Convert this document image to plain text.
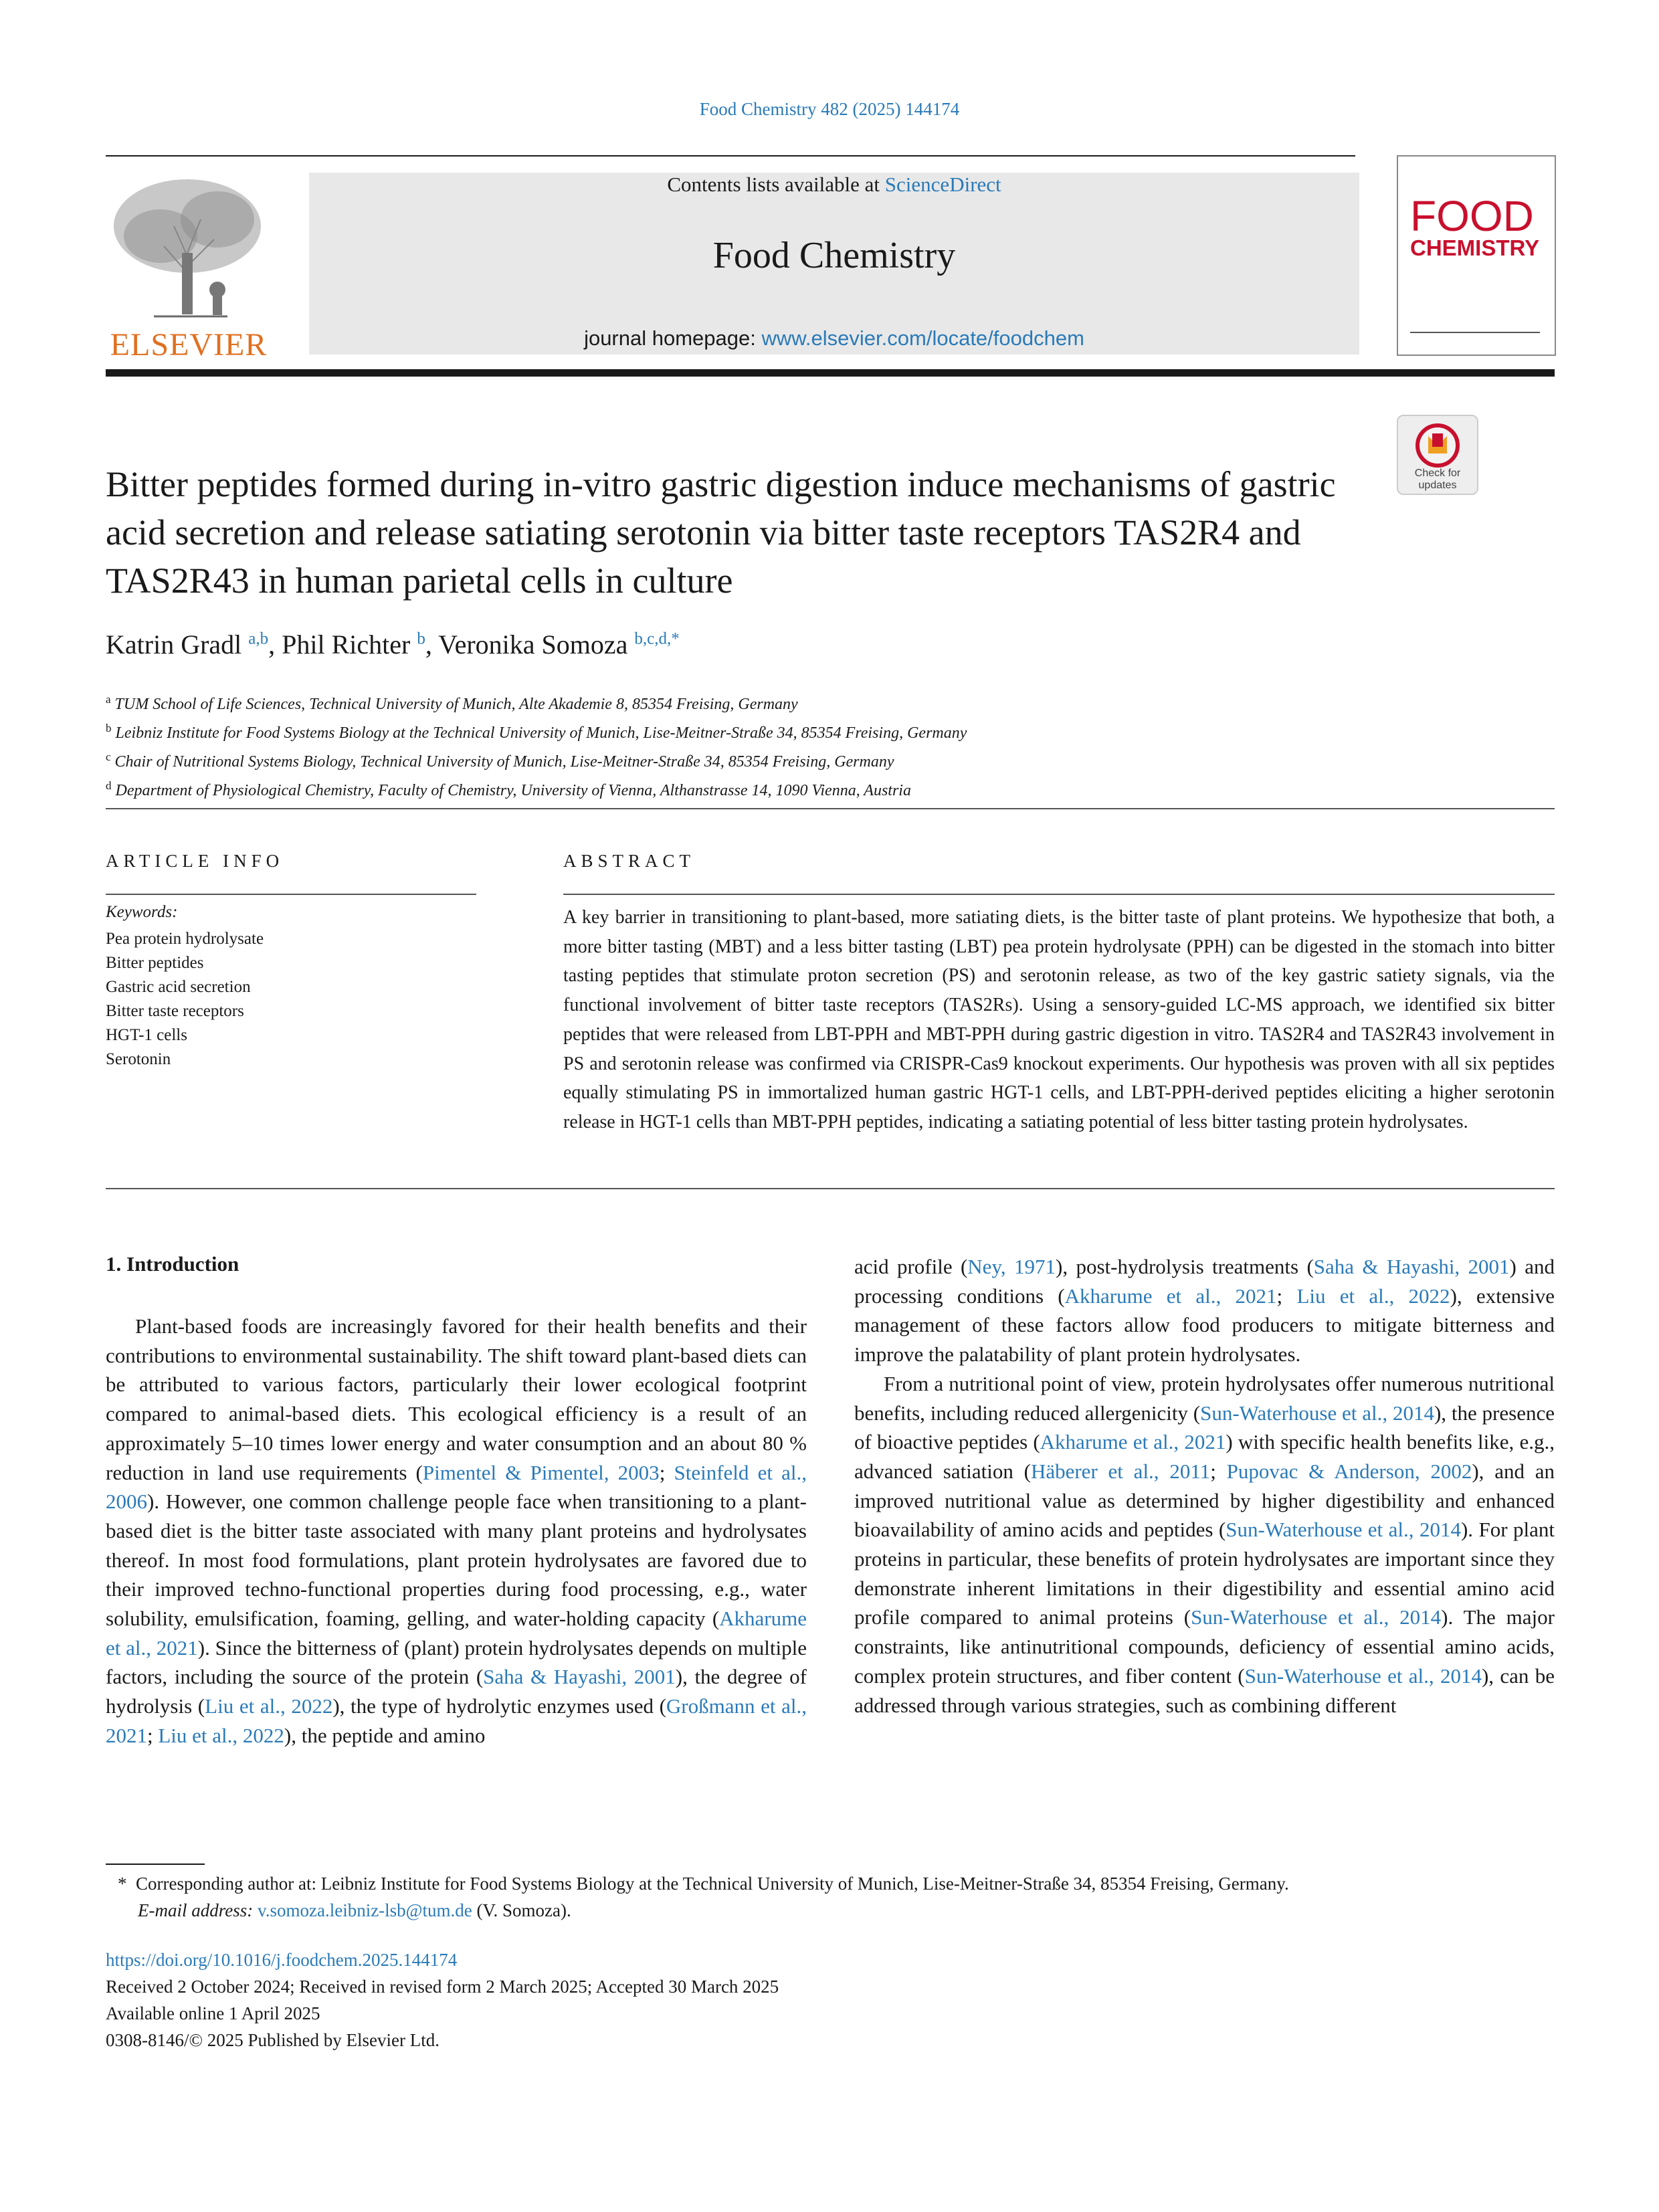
Food Chemistry 482 (2025) 144174
ELSEVIER
Contents lists available at ScienceDirect
Food Chemistry
journal homepage: www.elsevier.com/locate/foodchem
FOOD
CHEMISTRY
Check for
updates
Bitter peptides formed during in-vitro gastric digestion induce mechanisms of gastric acid secretion and release satiating serotonin via bitter taste receptors TAS2R4 and TAS2R43 in human parietal cells in culture
Katrin Gradl $^{a,b}$, Phil Richter $^b$, Veronika Somoza $^{b,c,d,*}$
$^a$ TUM School of Life Sciences, Technical University of Munich, Alte Akademie 8, 85354 Freising, Germany
$^b$ Leibniz Institute for Food Systems Biology at the Technical University of Munich, Lise-Meitner-Straße 34, 85354 Freising, Germany
$^c$ Chair of Nutritional Systems Biology, Technical University of Munich, Lise-Meitner-Straße 34, 85354 Freising, Germany
$^d$ Department of Physiological Chemistry, Faculty of Chemistry, University of Vienna, Althanstrasse 14, 1090 Vienna, Austria
ARTICLE INFO
Keywords:
Pea protein hydrolysate
Bitter peptides
Gastric acid secretion
Bitter taste receptors
HGT-1 cells
Serotonin
ABSTRACT
A key barrier in transitioning to plant-based, more satiating diets, is the bitter taste of plant proteins. We hypothesize that both, a more bitter tasting (MBT) and a less bitter tasting (LBT) pea protein hydrolysate (PPH) can be digested in the stomach into bitter tasting peptides that stimulate proton secretion (PS) and serotonin release, as two of the key gastric satiety signals, via the functional involvement of bitter taste receptors (TAS2Rs). Using a sensory-guided LC-MS approach, we identified six bitter peptides that were released from LBT-PPH and MBT-PPH during gastric digestion in vitro. TAS2R4 and TAS2R43 involvement in PS and serotonin release was confirmed via CRISPR-Cas9 knockout experiments. Our hypothesis was proven with all six peptides equally stimulating PS in immortalized human gastric HGT-1 cells, and LBT-PPH-derived peptides eliciting a higher serotonin release in HGT-1 cells than MBT-PPH peptides, indicating a satiating potential of less bitter tasting protein hydrolysates.
1. Introduction

Plant-based foods are increasingly favored for their health benefits and their contributions to environmental sustainability. The shift toward plant-based diets can be attributed to various factors, particularly their lower ecological footprint compared to animal-based diets. This ecological efficiency is a result of an approximately 5–10 times lower energy and water consumption and an about 80 % reduction in land use requirements (Pimentel & Pimentel, 2003; Steinfeld et al., 2006). However, one common challenge people face when transitioning to a plant-based diet is the bitter taste associated with many plant proteins and hydrolysates thereof. In most food formulations, plant protein hydrolysates are favored due to their improved techno-functional properties during food processing, e.g., water solubility, emulsification, foaming, gelling, and water-holding capacity (Akharume et al., 2021). Since the bitterness of (plant) protein hydrolysates depends on multiple factors, including the source of the protein (Saha & Hayashi, 2001), the degree of hydrolysis (Liu et al., 2022), the type of hydrolytic enzymes used (Großmann et al., 2021; Liu et al., 2022), the peptide and amino

acid profile (Ney, 1971), post-hydrolysis treatments (Saha & Hayashi, 2001) and processing conditions (Akharume et al., 2021; Liu et al., 2022), extensive management of these factors allow food producers to mitigate bitterness and improve the palatability of plant protein hydrolysates.

From a nutritional point of view, protein hydrolysates offer numerous nutritional benefits, including reduced allergenicity (Sun-Waterhouse et al., 2014), the presence of bioactive peptides (Akharume et al., 2021) with specific health benefits like, e.g., advanced satiation (Häberer et al., 2011; Pupovac & Anderson, 2002), and an improved nutritional value as determined by higher digestibility and enhanced bioavailability of amino acids and peptides (Sun-Waterhouse et al., 2014). For plant proteins in particular, these benefits of protein hydrolysates are important since they demonstrate inherent limitations in their digestibility and essential amino acid profile compared to animal proteins (Sun-Waterhouse et al., 2014). The major constraints, like antinutritional compounds, deficiency of essential amino acids, complex protein structures, and fiber content (Sun-Waterhouse et al., 2014), can be addressed through various strategies, such as combining different

* Corresponding author at: Leibniz Institute for Food Systems Biology at the Technical University of Munich, Lise-Meitner-Straße 34, 85354 Freising, Germany.
E-mail address: v.somoza.leibniz-lsb@tum.de (V. Somoza).
https://doi.org/10.1016/j.foodchem.2025.144174
Received 2 October 2024; Received in revised form 2 March 2025; Accepted 30 March 2025
Available online 1 April 2025
0308-8146/© 2025 Published by Elsevier Ltd.
